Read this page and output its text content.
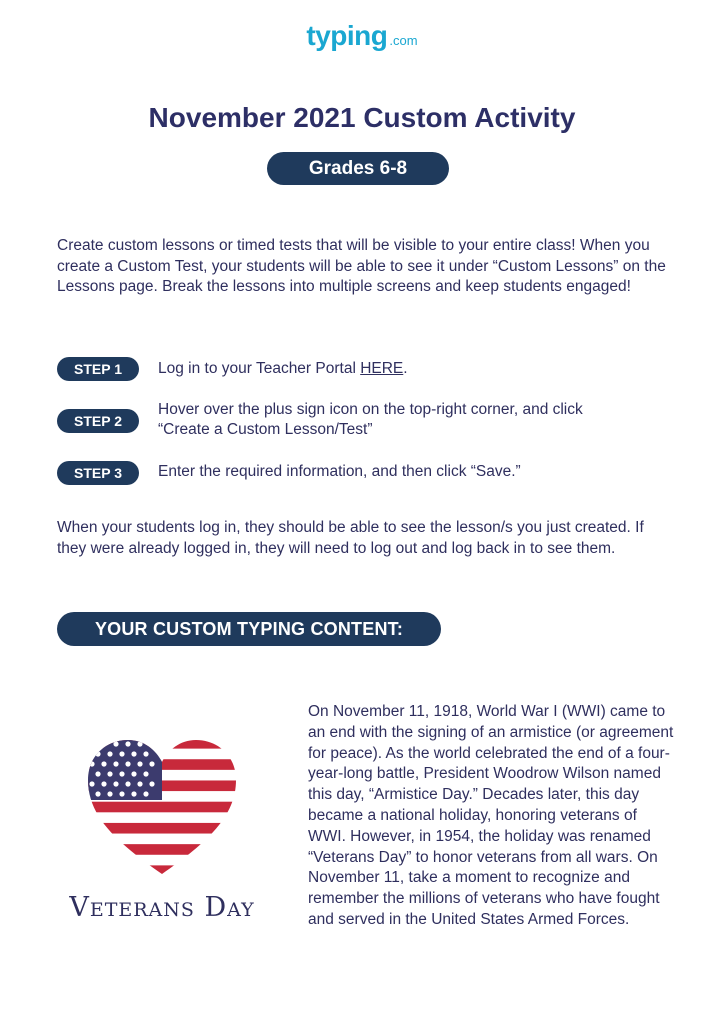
typing .com
November 2021 Custom Activity
Grades 6-8

Create custom lessons or timed tests that will be visible to your entire class! When you create a Custom Test, your students will be able to see it under “Custom Lessons” on the Lessons page. Break the lessons into multiple screens and keep students engaged!

STEP 1	Log in to your Teacher Portal HERE.
STEP 2
Hover over the plus sign icon on the top-right corner, and click “Create a Custom Lesson/Test”
STEP 3	Enter the required information, and then click “Save.”

When your students log in, they should be able to see the lesson/s you just created. If they were already logged in, they will need to log out and log back in to see them.

YOUR CUSTOM TYPING CONTENT:
Veterans Day

On November 11, 1918, World War I (WWI) came to an end with the signing of an armistice (or agreement for peace). As the world celebrated the end of a four-year-long battle, President Woodrow Wilson named this day, “Armistice Day.” Decades later, this day became a national holiday, honoring veterans of WWI. However, in 1954, the holiday was renamed “Veterans Day” to honor veterans from all wars. On November 11, take a moment to recognize and remember the millions of veterans who have fought and served in the United States Armed Forces.
